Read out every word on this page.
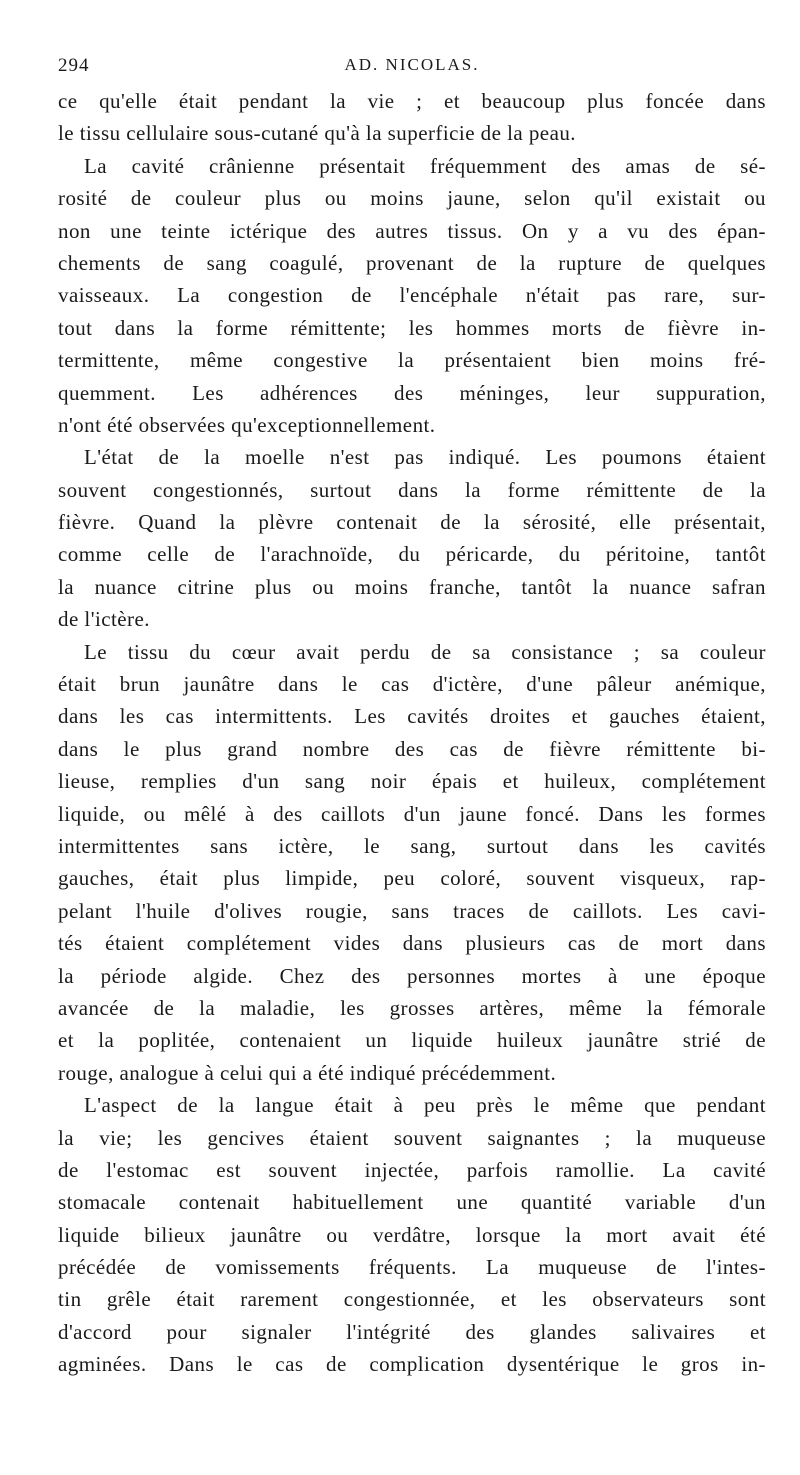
294	AD. NICOLAS.
ce qu'elle était pendant la vie ; et beaucoup plus foncée dans
le tissu cellulaire sous-cutané qu'à la superficie de la peau.
La cavité crânienne présentait fréquemment des amas de sé-
rosité de couleur plus ou moins jaune, selon qu'il existait ou
non une teinte ictérique des autres tissus. On y a vu des épan-
chements de sang coagulé, provenant de la rupture de quelques
vaisseaux. La congestion de l'encéphale n'était pas rare, sur-
tout dans la forme rémittente; les hommes morts de fièvre in-
termittente, même congestive la présentaient bien moins fré-
quemment. Les adhérences des méninges, leur suppuration,
n'ont été observées qu'exceptionnellement.
L'état de la moelle n'est pas indiqué. Les poumons étaient
souvent congestionnés, surtout dans la forme rémittente de la
fièvre. Quand la plèvre contenait de la sérosité, elle présentait,
comme celle de l'arachnoïde, du péricarde, du péritoine, tantôt
la nuance citrine plus ou moins franche, tantôt la nuance safran
de l'ictère.
Le tissu du cœur avait perdu de sa consistance ; sa couleur
était brun jaunâtre dans le cas d'ictère, d'une pâleur anémique,
dans les cas intermittents. Les cavités droites et gauches étaient,
dans le plus grand nombre des cas de fièvre rémittente bi-
lieuse, remplies d'un sang noir épais et huileux, complétement
liquide, ou mêlé à des caillots d'un jaune foncé. Dans les formes
intermittentes sans ictère, le sang, surtout dans les cavités
gauches, était plus limpide, peu coloré, souvent visqueux, rap-
pelant l'huile d'olives rougie, sans traces de caillots. Les cavi-
tés étaient complétement vides dans plusieurs cas de mort dans
la période algide. Chez des personnes mortes à une époque
avancée de la maladie, les grosses artères, même la fémorale
et la poplitée, contenaient un liquide huileux jaunâtre strié de
rouge, analogue à celui qui a été indiqué précédemment.
L'aspect de la langue était à peu près le même que pendant
la vie; les gencives étaient souvent saignantes ; la muqueuse
de l'estomac est souvent injectée, parfois ramollie. La cavité
stomacale contenait habituellement une quantité variable d'un
liquide bilieux jaunâtre ou verdâtre, lorsque la mort avait été
précédée de vomissements fréquents. La muqueuse de l'intes-
tin grêle était rarement congestionnée, et les observateurs sont
d'accord pour signaler l'intégrité des glandes salivaires et
agminées. Dans le cas de complication dysentérique le gros in-
